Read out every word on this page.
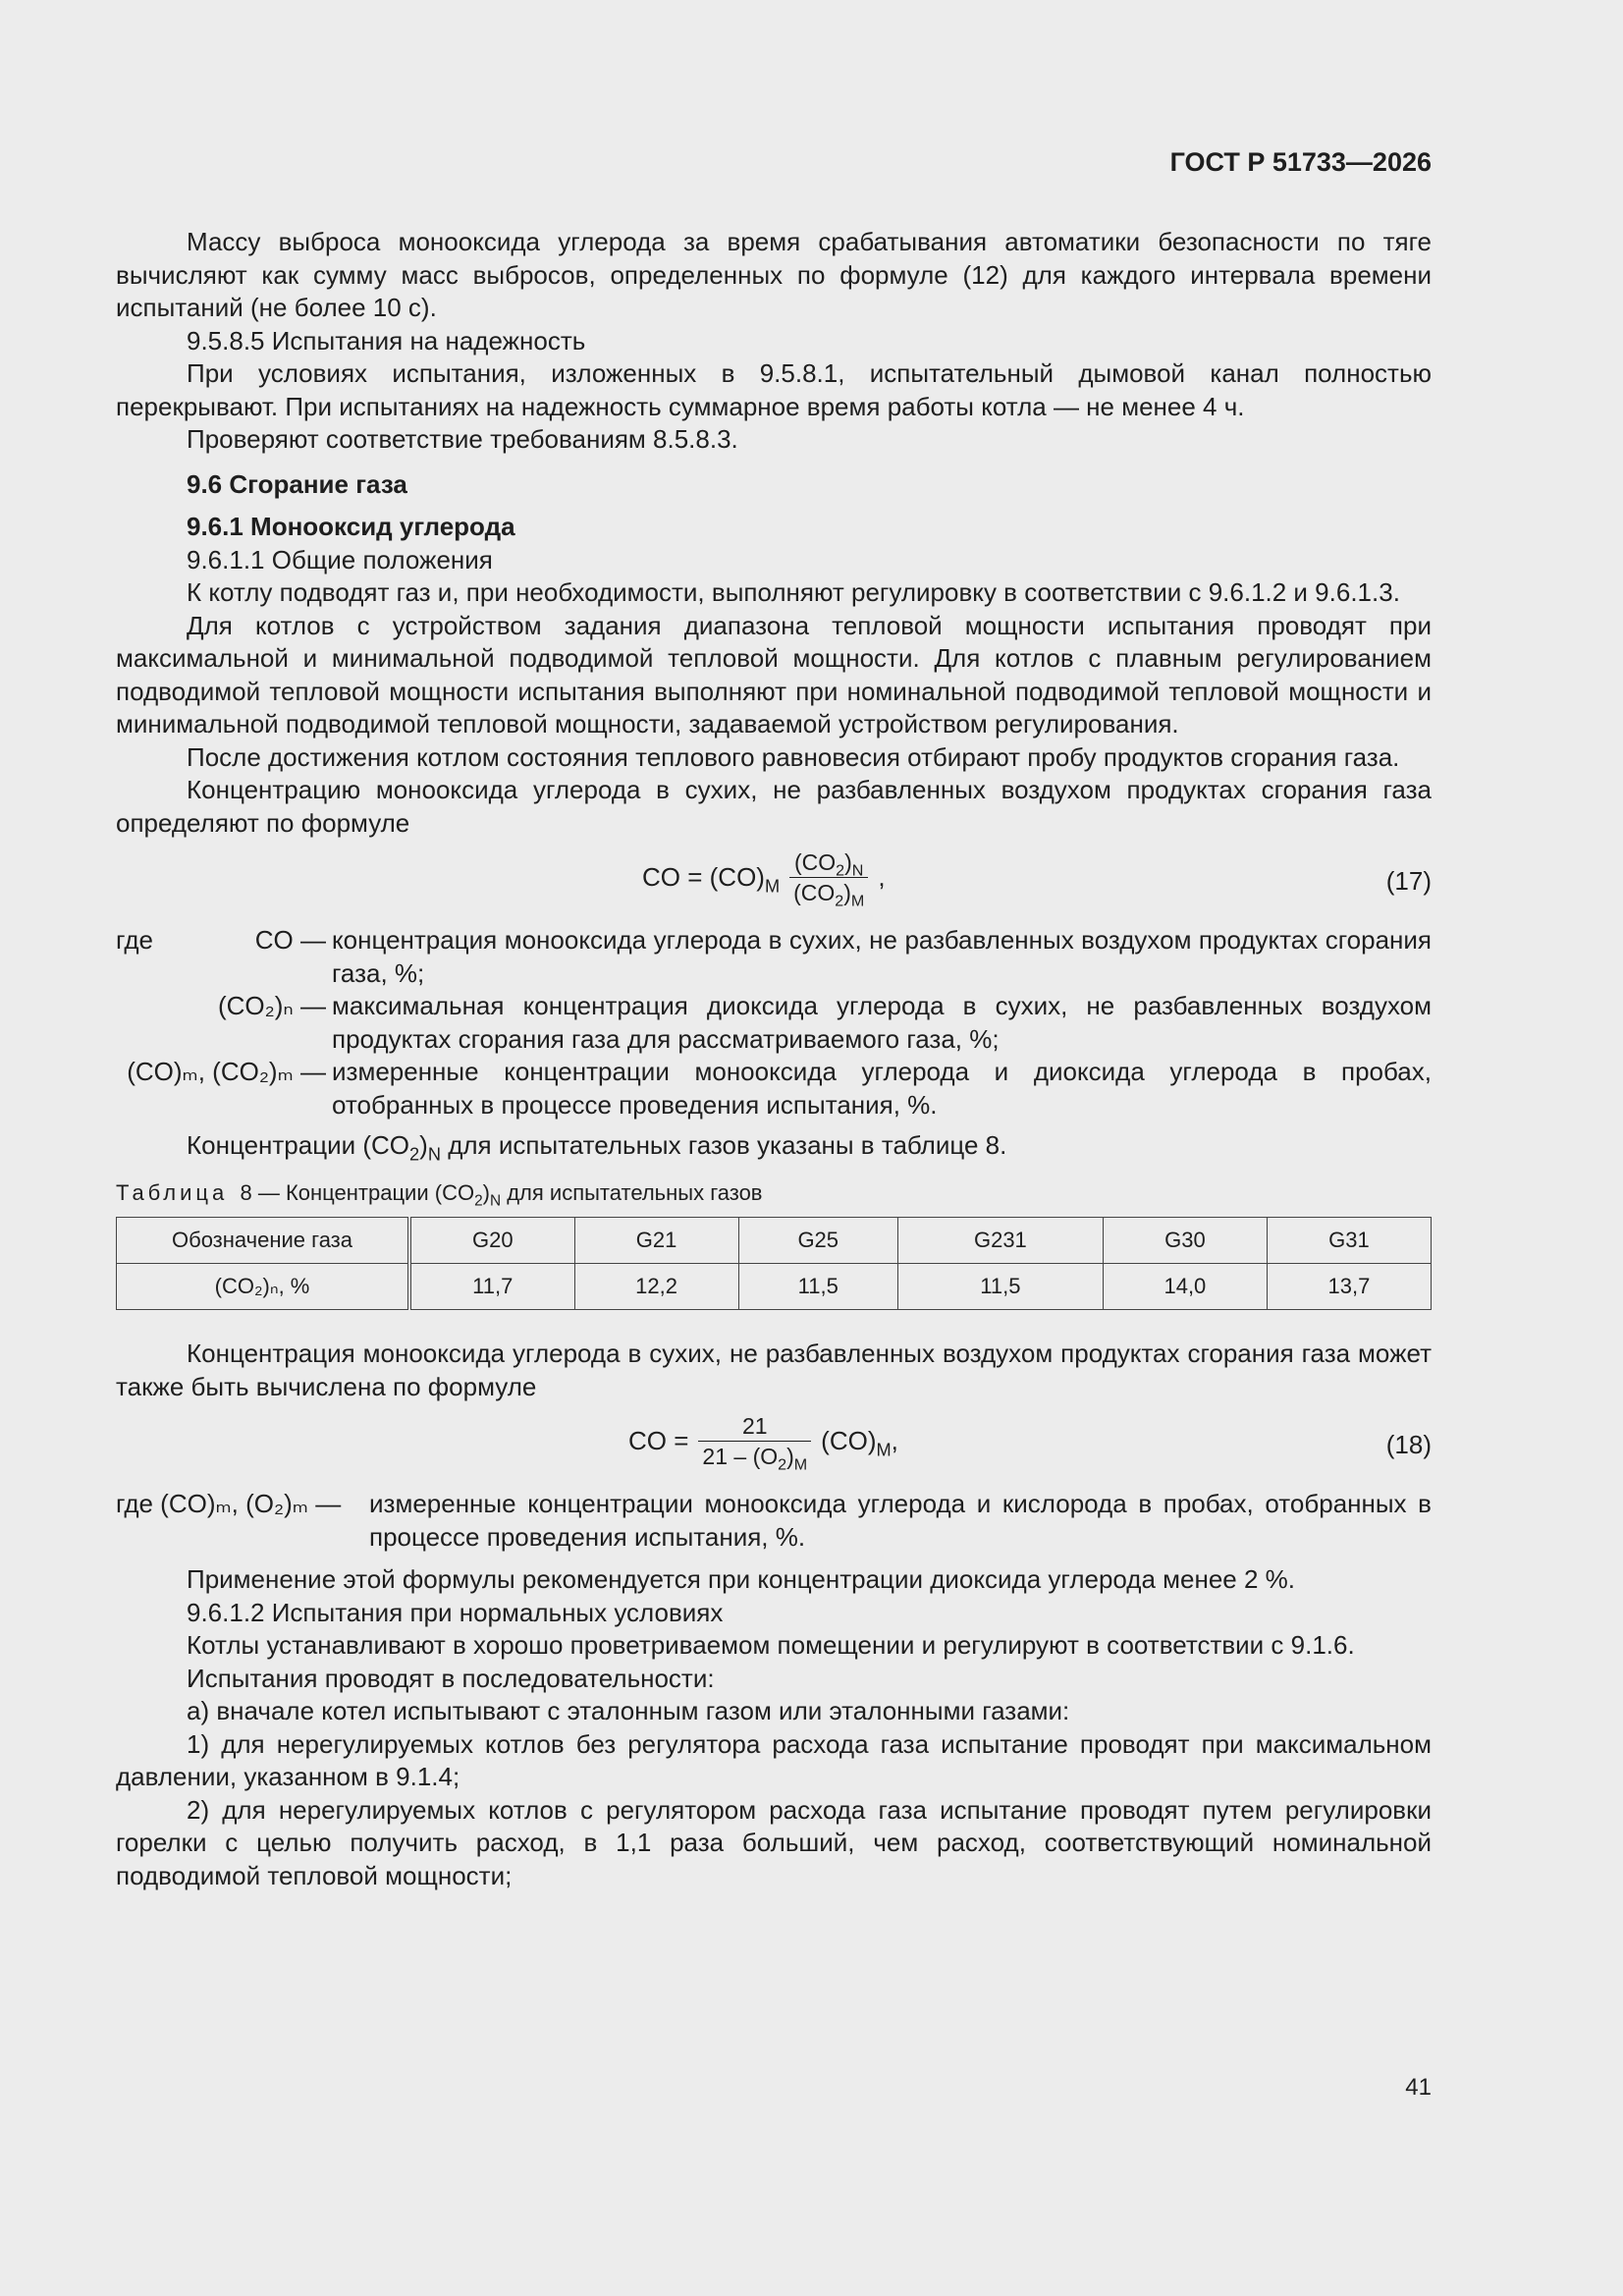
ГОСТ Р 51733—2026

Массу выброса монооксида углерода за время срабатывания автоматики безопасности по тяге вычисляют как сумму масс выбросов, определенных по формуле (12) для каждого интервала времени испытаний (не более 10 с).

9.5.8.5 Испытания на надежность

При условиях испытания, изложенных в 9.5.8.1, испытательный дымовой канал полностью перекрывают. При испытаниях на надежность суммарное время работы котла — не менее 4 ч.

Проверяют соответствие требованиям 8.5.8.3.

9.6 Сгорание газа

9.6.1 Монооксид углерода

9.6.1.1 Общие положения

К котлу подводят газ и, при необходимости, выполняют регулировку в соответствии с 9.6.1.2 и 9.6.1.3.

Для котлов с устройством задания диапазона тепловой мощности испытания проводят при максимальной и минимальной подводимой тепловой мощности. Для котлов с плавным регулированием подводимой тепловой мощности испытания выполняют при номинальной подводимой тепловой мощности и минимальной подводимой тепловой мощности, задаваемой устройством регулирования.

После достижения котлом состояния теплового равновесия отбирают пробу продуктов сгорания газа.

Концентрацию монооксида углерода в сухих, не разбавленных воздухом продуктах сгорания газа определяют по формуле

CO = $(CO)_M \frac{(CO_2)_N}{(CO_2)_M}$ ,	(17)
где	CO — концентрация монооксида углерода в сухих, не разбавленных воздухом продуктах сгорания газа, %;
(CO₂)ₙ — максимальная концентрация диоксида углерода в сухих, не разбавленных воздухом продуктах сгорания газа для рассматриваемого газа, %;
(CO)ₘ, (CO₂)ₘ — измеренные концентрации монооксида углерода и диоксида углерода в пробах, отобранных в процессе проведения испытания, %.

Концентрации $(CO_2)_N$ для испытательных газов указаны в таблице 8.

Таблица 8 — Концентрации $(CO_2)_N$ для испытательных газов
Обозначение газа	G20	G21	G25	G231	G30	G31
(CO₂)ₙ, %	11,7	12,2	11,5	11,5	14,0	13,7

Концентрация монооксида углерода в сухих, не разбавленных воздухом продуктах сгорания газа может также быть вычислена по формуле

CO = $\frac{21}{21 - (O_2)_M} (CO)_M$,	(18)
где (CO)ₘ, (O₂)ₘ —	измеренные концентрации монооксида углерода и кислорода в пробах, отобранных в процессе проведения испытания, %.

Применение этой формулы рекомендуется при концентрации диоксида углерода менее 2 %.

9.6.1.2 Испытания при нормальных условиях

Котлы устанавливают в хорошо проветриваемом помещении и регулируют в соответствии с 9.1.6.

Испытания проводят в последовательности:

а) вначале котел испытывают с эталонным газом или эталонными газами:

1) для нерегулируемых котлов без регулятора расхода газа испытание проводят при максимальном давлении, указанном в 9.1.4;

2) для нерегулируемых котлов с регулятором расхода газа испытание проводят путем регулировки горелки с целью получить расход, в 1,1 раза больший, чем расход, соответствующий номинальной подводимой тепловой мощности;

41
